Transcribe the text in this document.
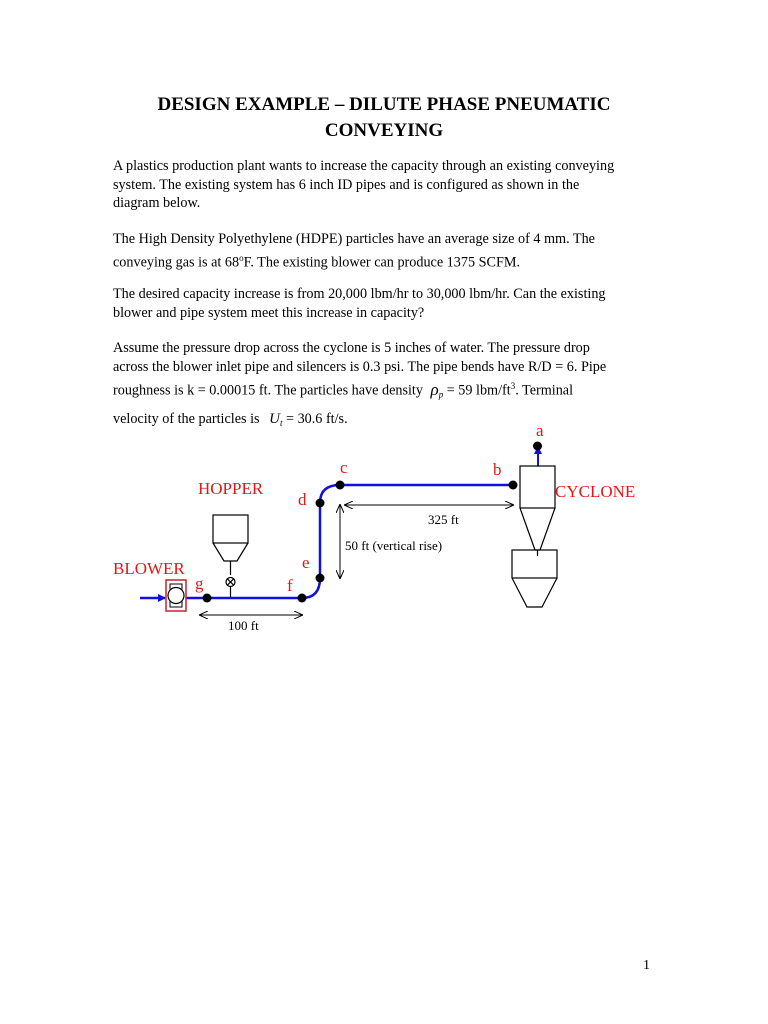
DESIGN EXAMPLE – DILUTE PHASE PNEUMATIC
CONVEYING

A plastics production plant wants to increase the capacity through an existing conveying

system. The existing system has 6 inch ID pipes and is configured as shown in the

diagram below.

The High Density Polyethylene (HDPE) particles have an average size of 4 mm. The

conveying gas is at 68$^o$F. The existing blower can produce 1375 SCFM.

The desired capacity increase is from 20,000 lbm/hr to 30,000 lbm/hr. Can the existing

blower and pipe system meet this increase in capacity?

Assume the pressure drop across the cyclone is 5 inches of water. The pressure drop

across the blower inlet pipe and silencers is 0.3 psi. The pipe bends have R/D = 6. Pipe

roughness is k = 0.00015 ft. The particles have density $\rho_p = 59$ lbm/$ft^3$. Terminal

velocity of the particles is $U_t = 30.6$ ft/s.

HOPPER	CYCLONE
BLOWER
a
b
c
d
e
f
g
325 ft
50 ft (vertical rise)
100 ft
1
